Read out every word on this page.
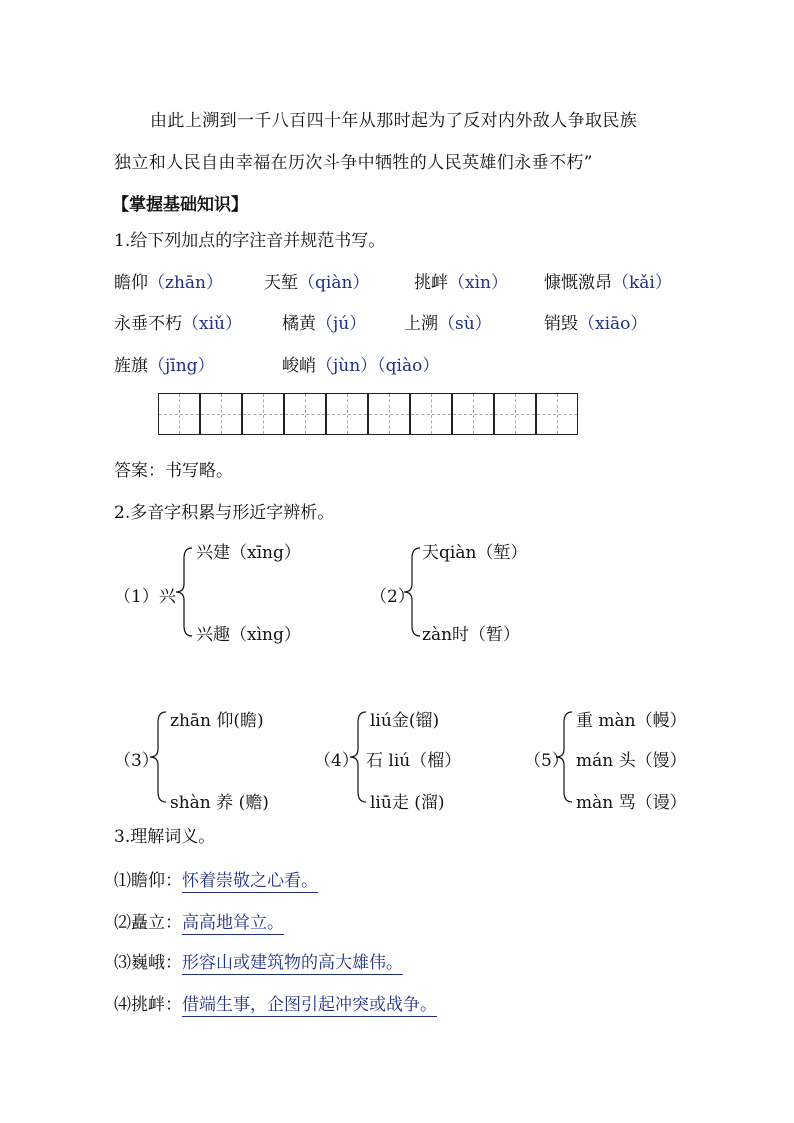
由此上溯到一千八百四十年从那时起为了反对内外敌人争取民族
独立和人民自由幸福在历次斗争中牺牲的人民英雄们永垂不朽”
【掌握基础知识】
1.给下列加点的字注音并规范书写。
瞻仰（zhān） 天堑（qiàn）	挑衅（xìn） 慷慨激昂（kǎi）
永垂不朽（xiǔ） 橘黄（jú） 上溯（sù）	销毁（xiāo）
旌旗（jīng）	峻峭（jùn）（qiào）
答案：书写略。
2.多音字积累与形近字辨析。
（1）兴
兴建（xīng）
兴趣（xìng）
（2）
天qiàn（堑）
zàn时（暂）
（3）
zhān 仰(瞻)
shàn 养 (赡)
（4）
liú金(镏)
石 liú（榴）
liū走 (溜)
（5）
重 màn（幔）
mán 头（馒）
màn 骂（谩）
3.理解词义。
⑴瞻仰：怀着崇敬之心看。
⑵矗立：高高地耸立。
⑶巍峨：形容山或建筑物的高大雄伟。
⑷挑衅：借端生事，企图引起冲突或战争。
